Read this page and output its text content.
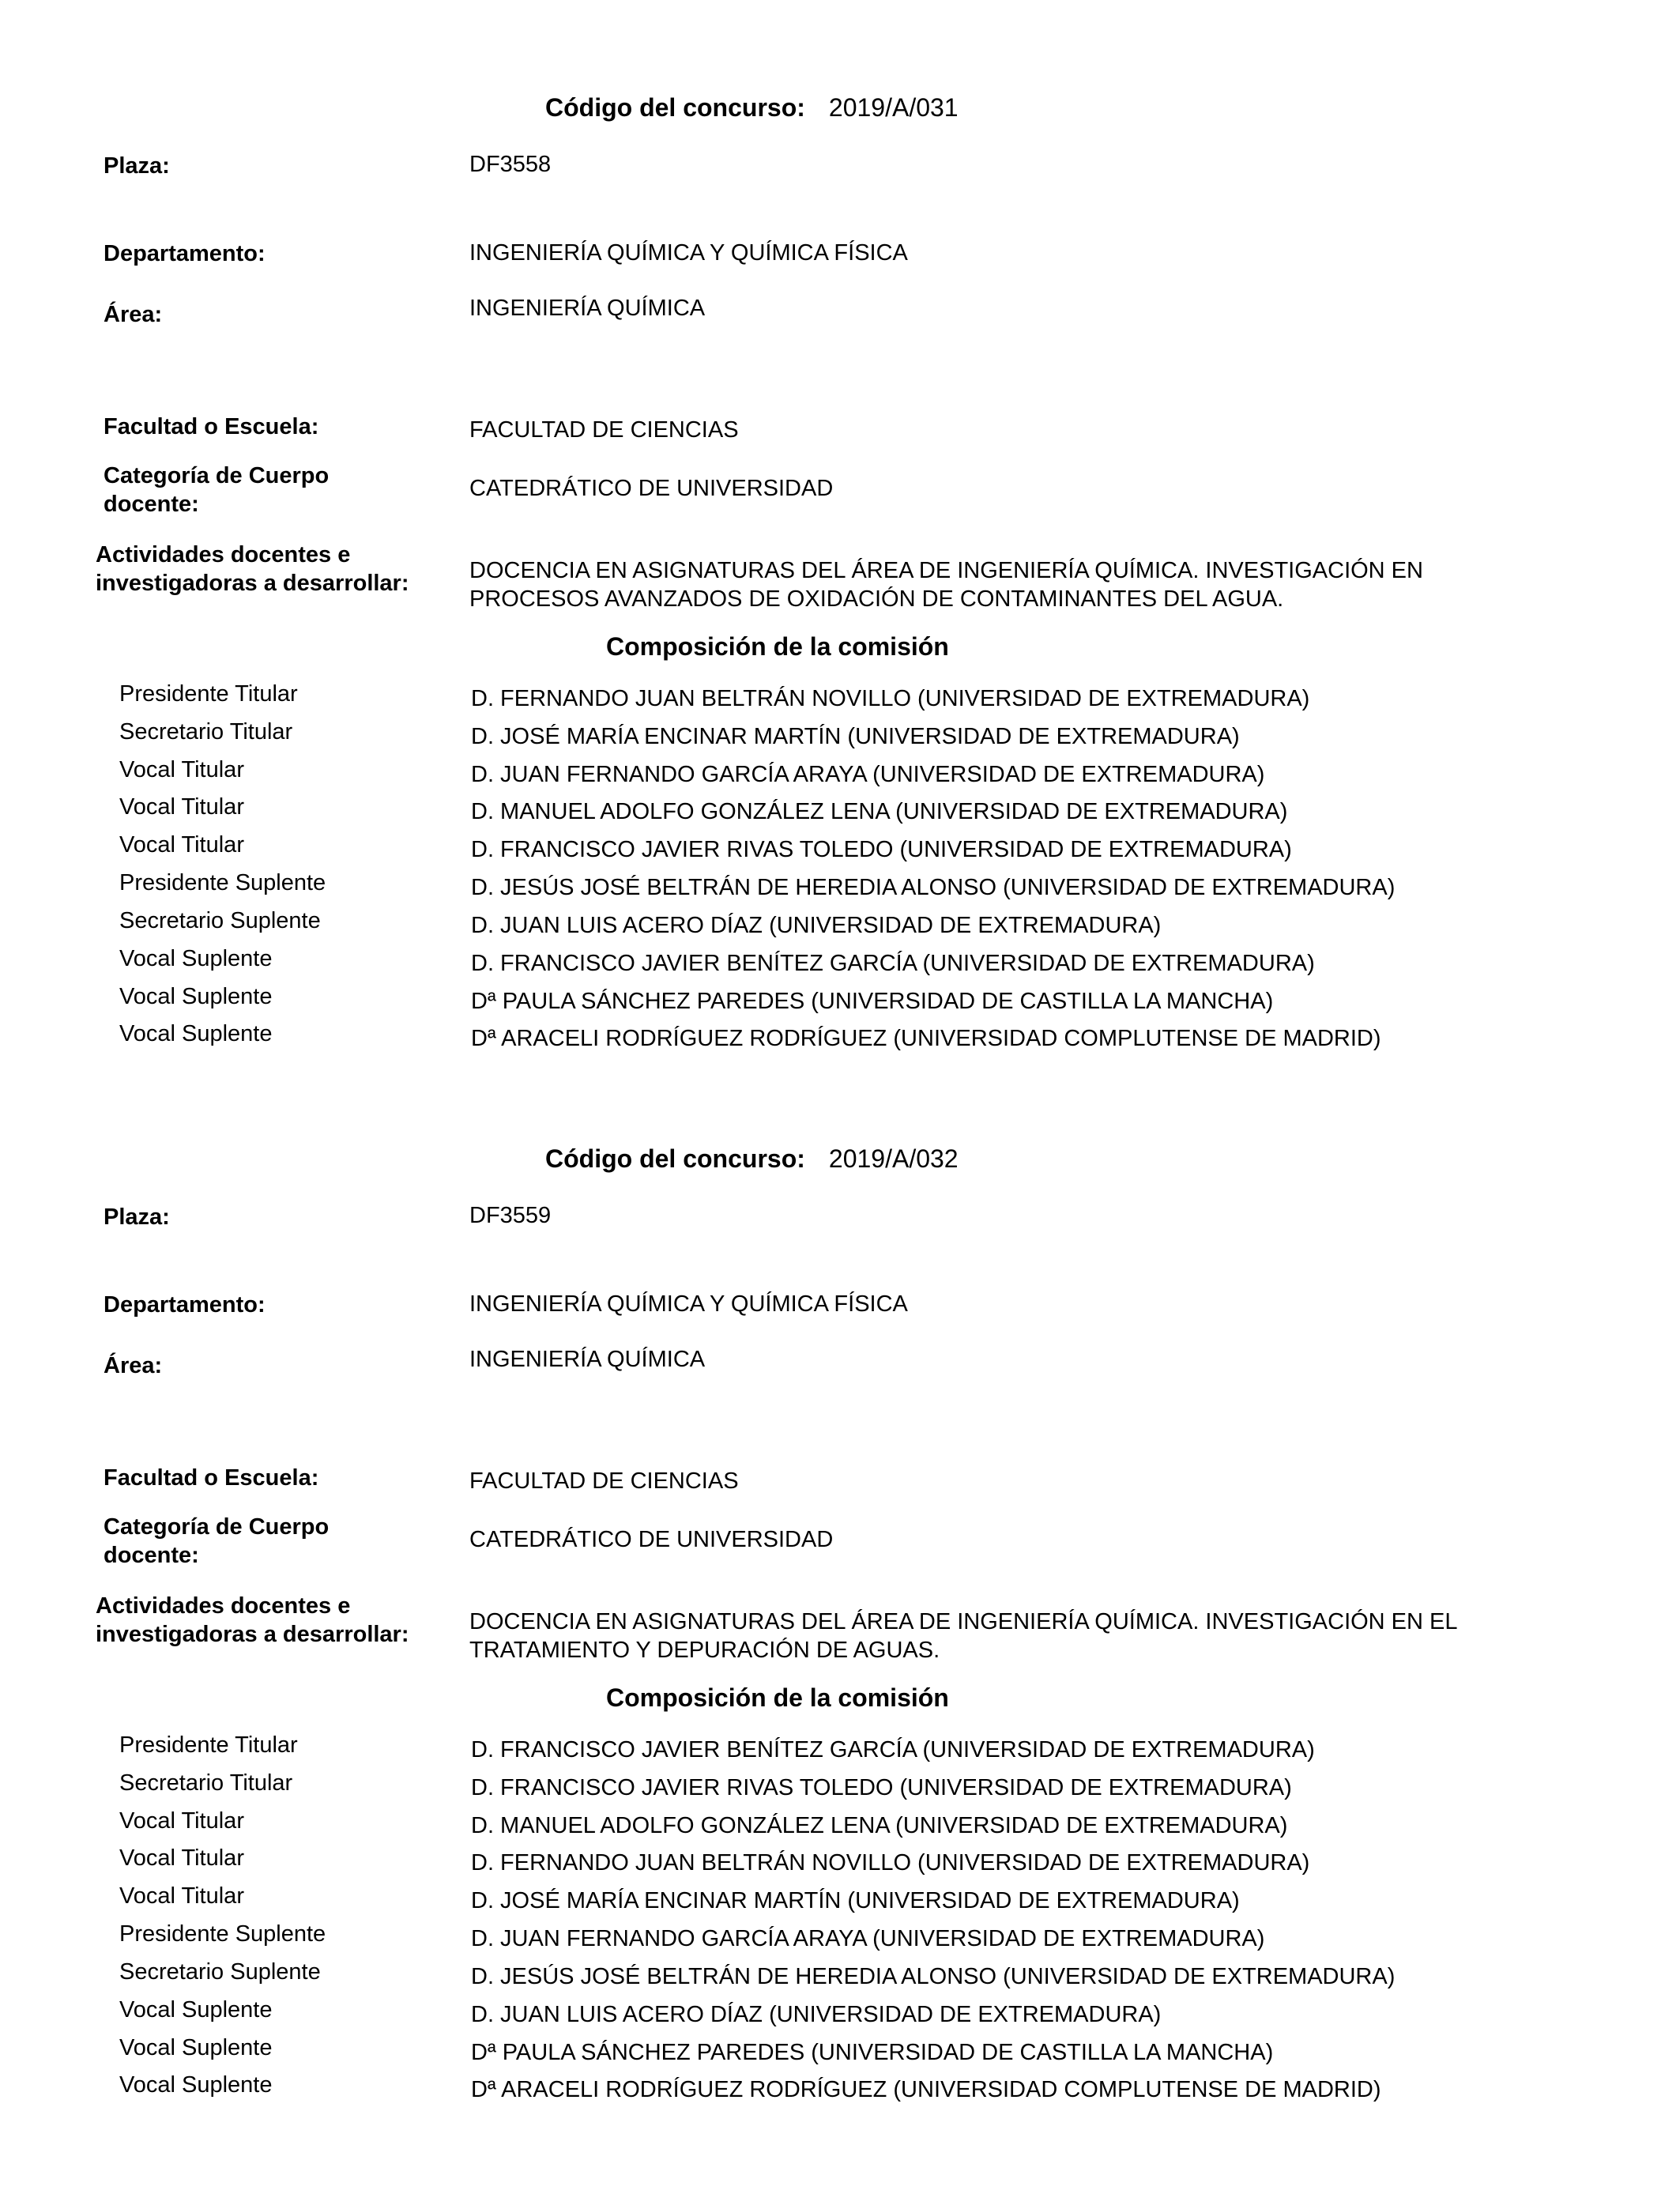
Código del concurso: 2019/A/031
Plaza:	DF3558
Departamento:	INGENIERÍA QUÍMICA Y QUÍMICA FÍSICA
Área:	INGENIERÍA QUÍMICA
Facultad o Escuela:	FACULTAD DE CIENCIAS
Categoría de Cuerpo
docente:
CATEDRÁTICO DE UNIVERSIDAD
Actividades docentes e
investigadoras a desarrollar:	DOCENCIA EN ASIGNATURAS DEL ÁREA DE INGENIERÍA QUÍMICA. INVESTIGACIÓN EN
PROCESOS AVANZADOS DE OXIDACIÓN DE CONTAMINANTES DEL AGUA.
Composición de la comisión
Presidente Titular	D. FERNANDO JUAN BELTRÁN NOVILLO (UNIVERSIDAD DE EXTREMADURA)
Secretario Titular	D. JOSÉ MARÍA ENCINAR MARTÍN (UNIVERSIDAD DE EXTREMADURA)
Vocal Titular	D. JUAN FERNANDO GARCÍA ARAYA (UNIVERSIDAD DE EXTREMADURA)
Vocal Titular	D. MANUEL ADOLFO GONZÁLEZ LENA (UNIVERSIDAD DE EXTREMADURA)
Vocal Titular	D. FRANCISCO JAVIER RIVAS TOLEDO (UNIVERSIDAD DE EXTREMADURA)
Presidente Suplente	D. JESÚS JOSÉ BELTRÁN DE HEREDIA ALONSO (UNIVERSIDAD DE EXTREMADURA)
Secretario Suplente	D. JUAN LUIS ACERO DÍAZ (UNIVERSIDAD DE EXTREMADURA)
Vocal Suplente	D. FRANCISCO JAVIER BENÍTEZ GARCÍA (UNIVERSIDAD DE EXTREMADURA)
Vocal Suplente	Dª PAULA SÁNCHEZ PAREDES (UNIVERSIDAD DE CASTILLA LA MANCHA)
Vocal Suplente	Dª ARACELI RODRÍGUEZ RODRÍGUEZ (UNIVERSIDAD COMPLUTENSE DE MADRID)
Código del concurso: 2019/A/032
Plaza:	DF3559
Departamento:	INGENIERÍA QUÍMICA Y QUÍMICA FÍSICA
Área:	INGENIERÍA QUÍMICA
Facultad o Escuela:	FACULTAD DE CIENCIAS
Categoría de Cuerpo
docente:
CATEDRÁTICO DE UNIVERSIDAD
Actividades docentes e
investigadoras a desarrollar:	DOCENCIA EN ASIGNATURAS DEL ÁREA DE INGENIERÍA QUÍMICA. INVESTIGACIÓN EN EL
TRATAMIENTO Y DEPURACIÓN DE AGUAS.
Composición de la comisión
Presidente Titular	D. FRANCISCO JAVIER BENÍTEZ GARCÍA (UNIVERSIDAD DE EXTREMADURA)
Secretario Titular	D. FRANCISCO JAVIER RIVAS TOLEDO (UNIVERSIDAD DE EXTREMADURA)
Vocal Titular	D. MANUEL ADOLFO GONZÁLEZ LENA (UNIVERSIDAD DE EXTREMADURA)
Vocal Titular	D. FERNANDO JUAN BELTRÁN NOVILLO (UNIVERSIDAD DE EXTREMADURA)
Vocal Titular	D. JOSÉ MARÍA ENCINAR MARTÍN (UNIVERSIDAD DE EXTREMADURA)
Presidente Suplente	D. JUAN FERNANDO GARCÍA ARAYA (UNIVERSIDAD DE EXTREMADURA)
Secretario Suplente	D. JESÚS JOSÉ BELTRÁN DE HEREDIA ALONSO (UNIVERSIDAD DE EXTREMADURA)
Vocal Suplente	D. JUAN LUIS ACERO DÍAZ (UNIVERSIDAD DE EXTREMADURA)
Vocal Suplente	Dª PAULA SÁNCHEZ PAREDES (UNIVERSIDAD DE CASTILLA LA MANCHA)
Vocal Suplente	Dª ARACELI RODRÍGUEZ RODRÍGUEZ (UNIVERSIDAD COMPLUTENSE DE MADRID)
